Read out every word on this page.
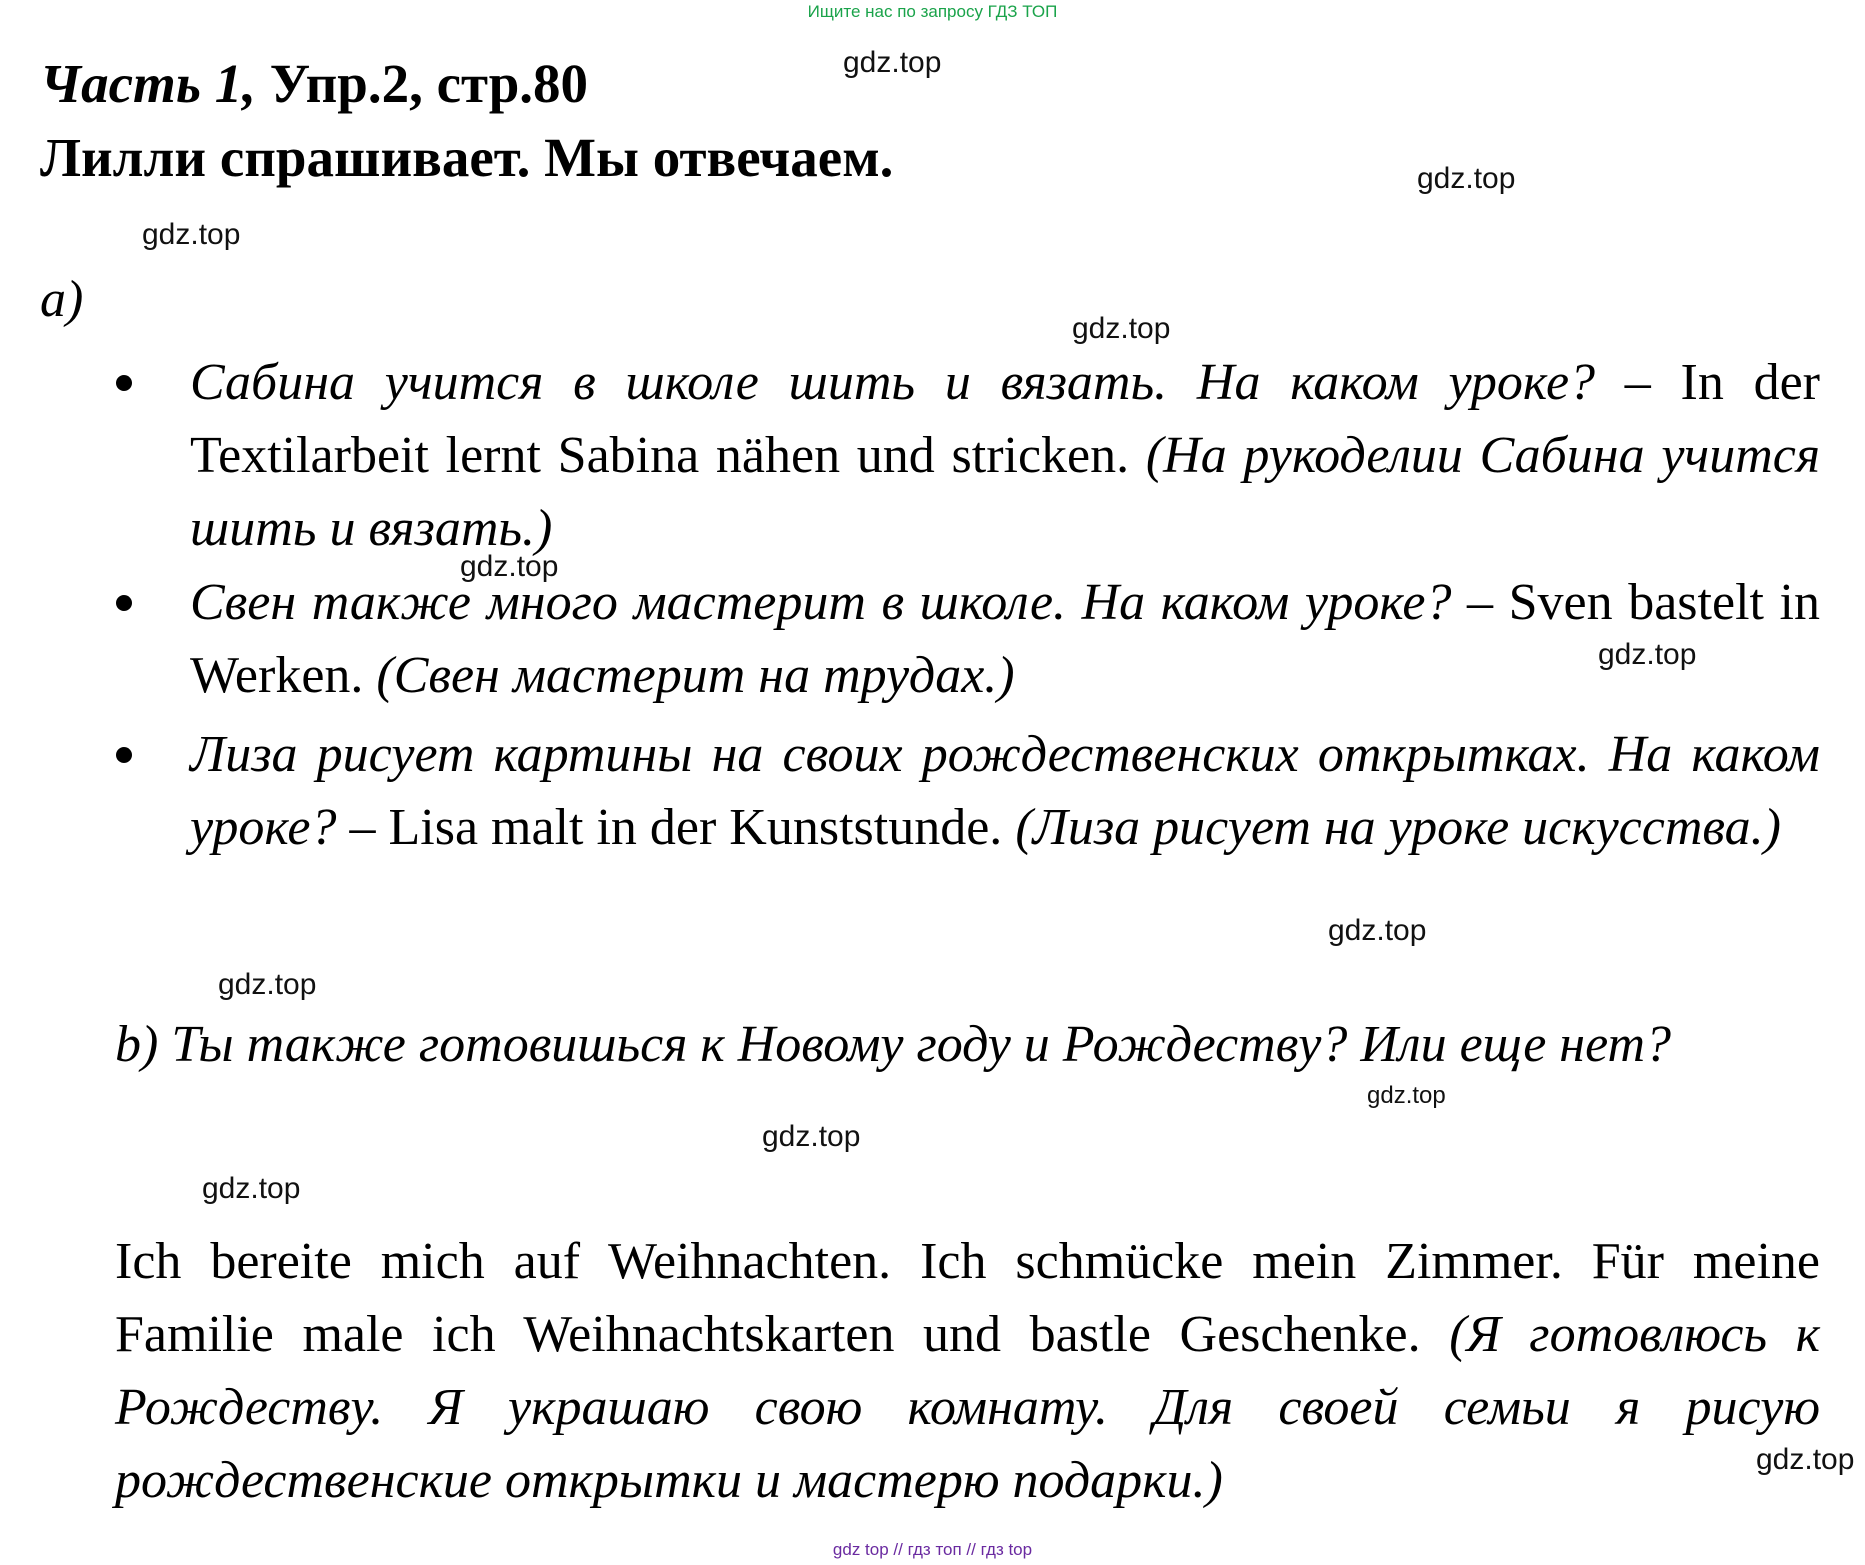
Ищите нас по запросу ГДЗ ТОП
Часть 1, Упр.2, стр.80
Лилли спрашивает. Мы отвечаем.
a)
Сабина учится в школе шить и вязать. На каком уроке? – In der Textilarbeit lernt Sabina nähen und stricken. (На рукоделии Сабина учится шить и вязать.)
Свен также много мастерит в школе. На каком уроке? – Sven bastelt in Werken. (Свен мастерит на трудах.)
Лиза рисует картины на своих рождественских открытках. На каком уроке? – Lisa malt in der Kunststunde. (Лиза рисует на уроке искусства.)
b) Ты также готовишься к Новому году и Рождеству? Или еще нет?
Ich bereite mich auf Weihnachten. Ich schmücke mein Zimmer. Für meine Familie male ich Weihnachtskarten und bastle Geschenke. (Я готовлюсь к Рождеству. Я украшаю свою комнату. Для своей семьи я рисую рождественские открытки и мастерю подарки.)
gdz.top
gdz.top
gdz.top
gdz.top
gdz.top
gdz.top
gdz.top
gdz.top
gdz.top
gdz.top
gdz.top
gdz.top
gdz top // гдз топ // гдз top
